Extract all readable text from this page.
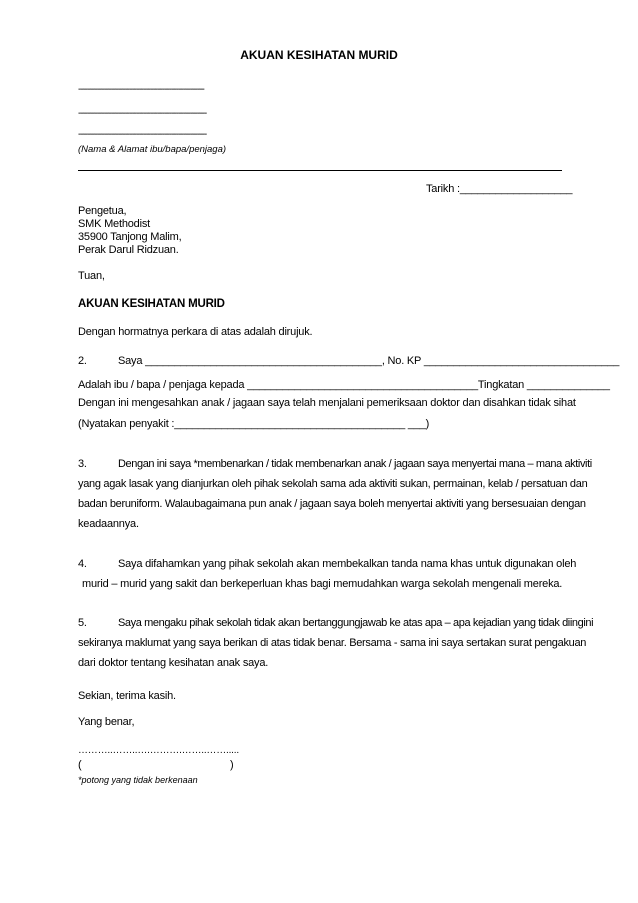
AKUAN KESIHATAN MURID
------------------------------------------------------
-------------------------------------------------------
-------------------------------------------------------
(Nama & Alamat ibu/bapa/penjaga)
Tarikh :___________________
Pengetua,
SMK Methodist
35900 Tanjong Malim,
Perak Darul Ridzuan.
Tuan,
AKUAN KESIHATAN MURID
Dengan hormatnya perkara di atas adalah dirujuk.
2.	Saya ________________________________________, No. KP _________________________________
Adalah ibu / bapa / penjaga kepada _______________________________________Tingkatan ______________
Dengan ini mengesahkan anak / jagaan saya telah menjalani pemeriksaan doktor dan disahkan tidak sihat
(Nyatakan penyakit :_______________________________________ ___)
3.	Dengan ini saya *membenarkan / tidak membenarkan anak / jagaan saya menyertai mana – mana aktiviti
yang agak lasak yang dianjurkan oleh pihak sekolah sama ada aktiviti sukan, permainan, kelab / persatuan dan
badan beruniform. Walaubagaimana pun anak / jagaan saya boleh menyertai aktiviti yang bersesuaian dengan
keadaannya.
4.	Saya difahamkan yang pihak sekolah akan membekalkan tanda nama khas untuk digunakan oleh
murid – murid yang sakit dan berkeperluan khas bagi memudahkan warga sekolah mengenali mereka.
5.	Saya mengaku pihak sekolah tidak akan bertanggungjawab ke atas apa – apa kejadian yang tidak diingini
sekiranya maklumat yang saya berikan di atas tidak benar. Bersama - sama ini saya sertakan surat pengakuan
dari doktor tentang kesihatan anak saya.
Sekian, terima kasih.
Yang benar,
………..……..….……….……..…….....
(	)
*potong yang tidak berkenaan
